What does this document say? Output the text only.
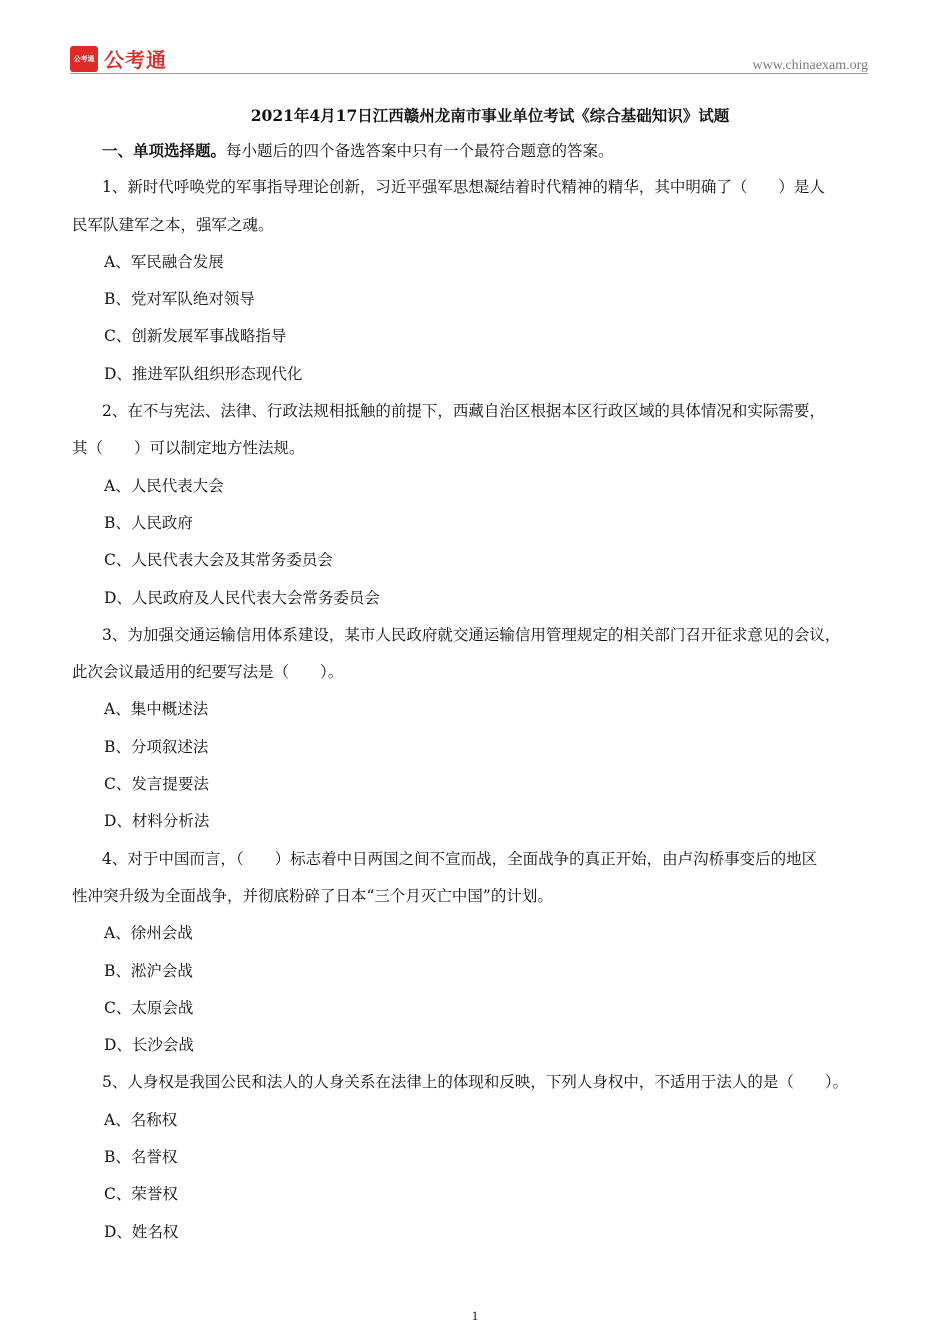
公考通 公考通	www.chinaexam.org
2021年4月17日江西赣州龙南市事业单位考试《综合基础知识》试题
一、单项选择题。每小题后的四个备选答案中只有一个最符合题意的答案。
1、新时代呼唤党的军事指导理论创新，习近平强军思想凝结着时代精神的精华，其中明确了（　　）是人
民军队建军之本，强军之魂。
A、军民融合发展
B、党对军队绝对领导
C、创新发展军事战略指导
D、推进军队组织形态现代化
2、在不与宪法、法律、行政法规相抵触的前提下，西藏自治区根据本区行政区域的具体情况和实际需要，
其（　　）可以制定地方性法规。
A、人民代表大会
B、人民政府
C、人民代表大会及其常务委员会
D、人民政府及人民代表大会常务委员会
3、为加强交通运输信用体系建设，某市人民政府就交通运输信用管理规定的相关部门召开征求意见的会议，
此次会议最适用的纪要写法是（　　）。
A、集中概述法
B、分项叙述法
C、发言提要法
D、材料分析法
4、对于中国而言，（　　）标志着中日两国之间不宣而战，全面战争的真正开始，由卢沟桥事变后的地区
性冲突升级为全面战争，并彻底粉碎了日本“三个月灭亡中国”的计划。
A、徐州会战
B、淞沪会战
C、太原会战
D、长沙会战
5、人身权是我国公民和法人的人身关系在法律上的体现和反映，下列人身权中，不适用于法人的是（　　）。
A、名称权
B、名誉权
C、荣誉权
D、姓名权
1
